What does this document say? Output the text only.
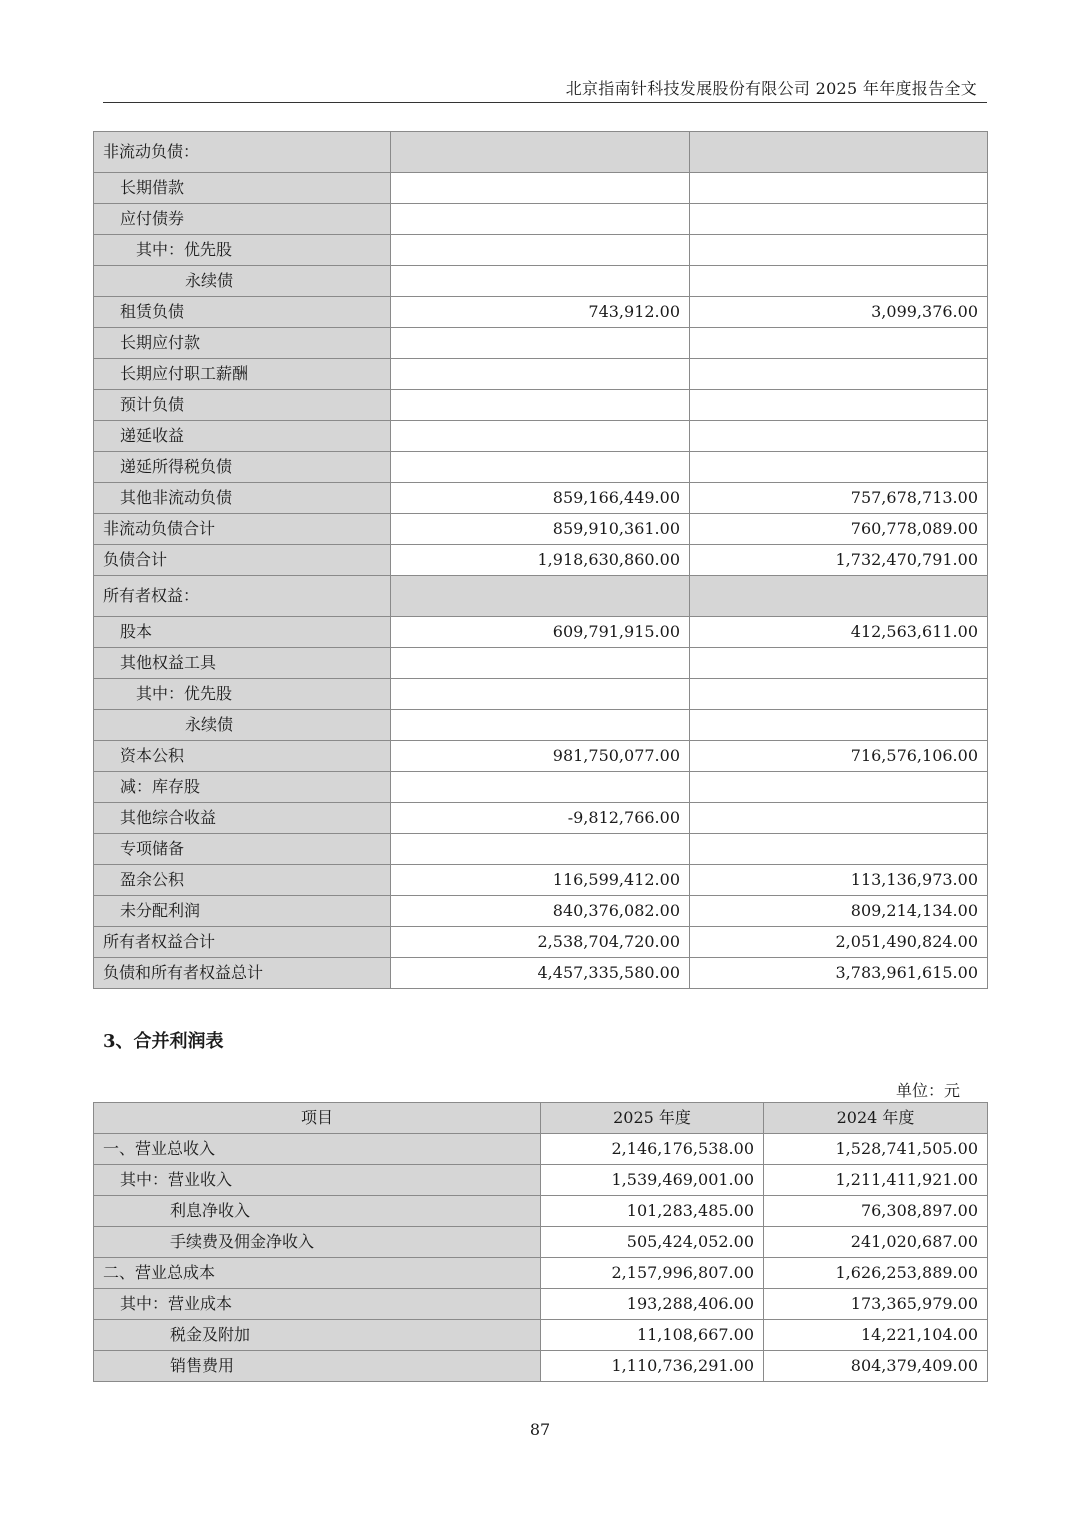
北京指南针科技发展股份有限公司 2025 年年度报告全文
非流动负债：		
长期借款		
应付债券		
其中：优先股		
永续债		
租赁负债	743,912.00	3,099,376.00
长期应付款		
长期应付职工薪酬		
预计负债		
递延收益		
递延所得税负债		
其他非流动负债	859,166,449.00	757,678,713.00
非流动负债合计	859,910,361.00	760,778,089.00
负债合计	1,918,630,860.00	1,732,470,791.00
所有者权益：		
股本	609,791,915.00	412,563,611.00
其他权益工具		
其中：优先股		
永续债		
资本公积	981,750,077.00	716,576,106.00
减：库存股		
其他综合收益	-9,812,766.00	
专项储备		
盈余公积	116,599,412.00	113,136,973.00
未分配利润	840,376,082.00	809,214,134.00
所有者权益合计	2,538,704,720.00	2,051,490,824.00
负债和所有者权益总计	4,457,335,580.00	3,783,961,615.00
3、合并利润表
单位：元
项目	2025 年度	2024 年度
一、营业总收入	2,146,176,538.00	1,528,741,505.00
其中：营业收入	1,539,469,001.00	1,211,411,921.00
利息净收入	101,283,485.00	76,308,897.00
手续费及佣金净收入	505,424,052.00	241,020,687.00
二、营业总成本	2,157,996,807.00	1,626,253,889.00
其中：营业成本	193,288,406.00	173,365,979.00
税金及附加	11,108,667.00	14,221,104.00
销售费用	1,110,736,291.00	804,379,409.00
87
